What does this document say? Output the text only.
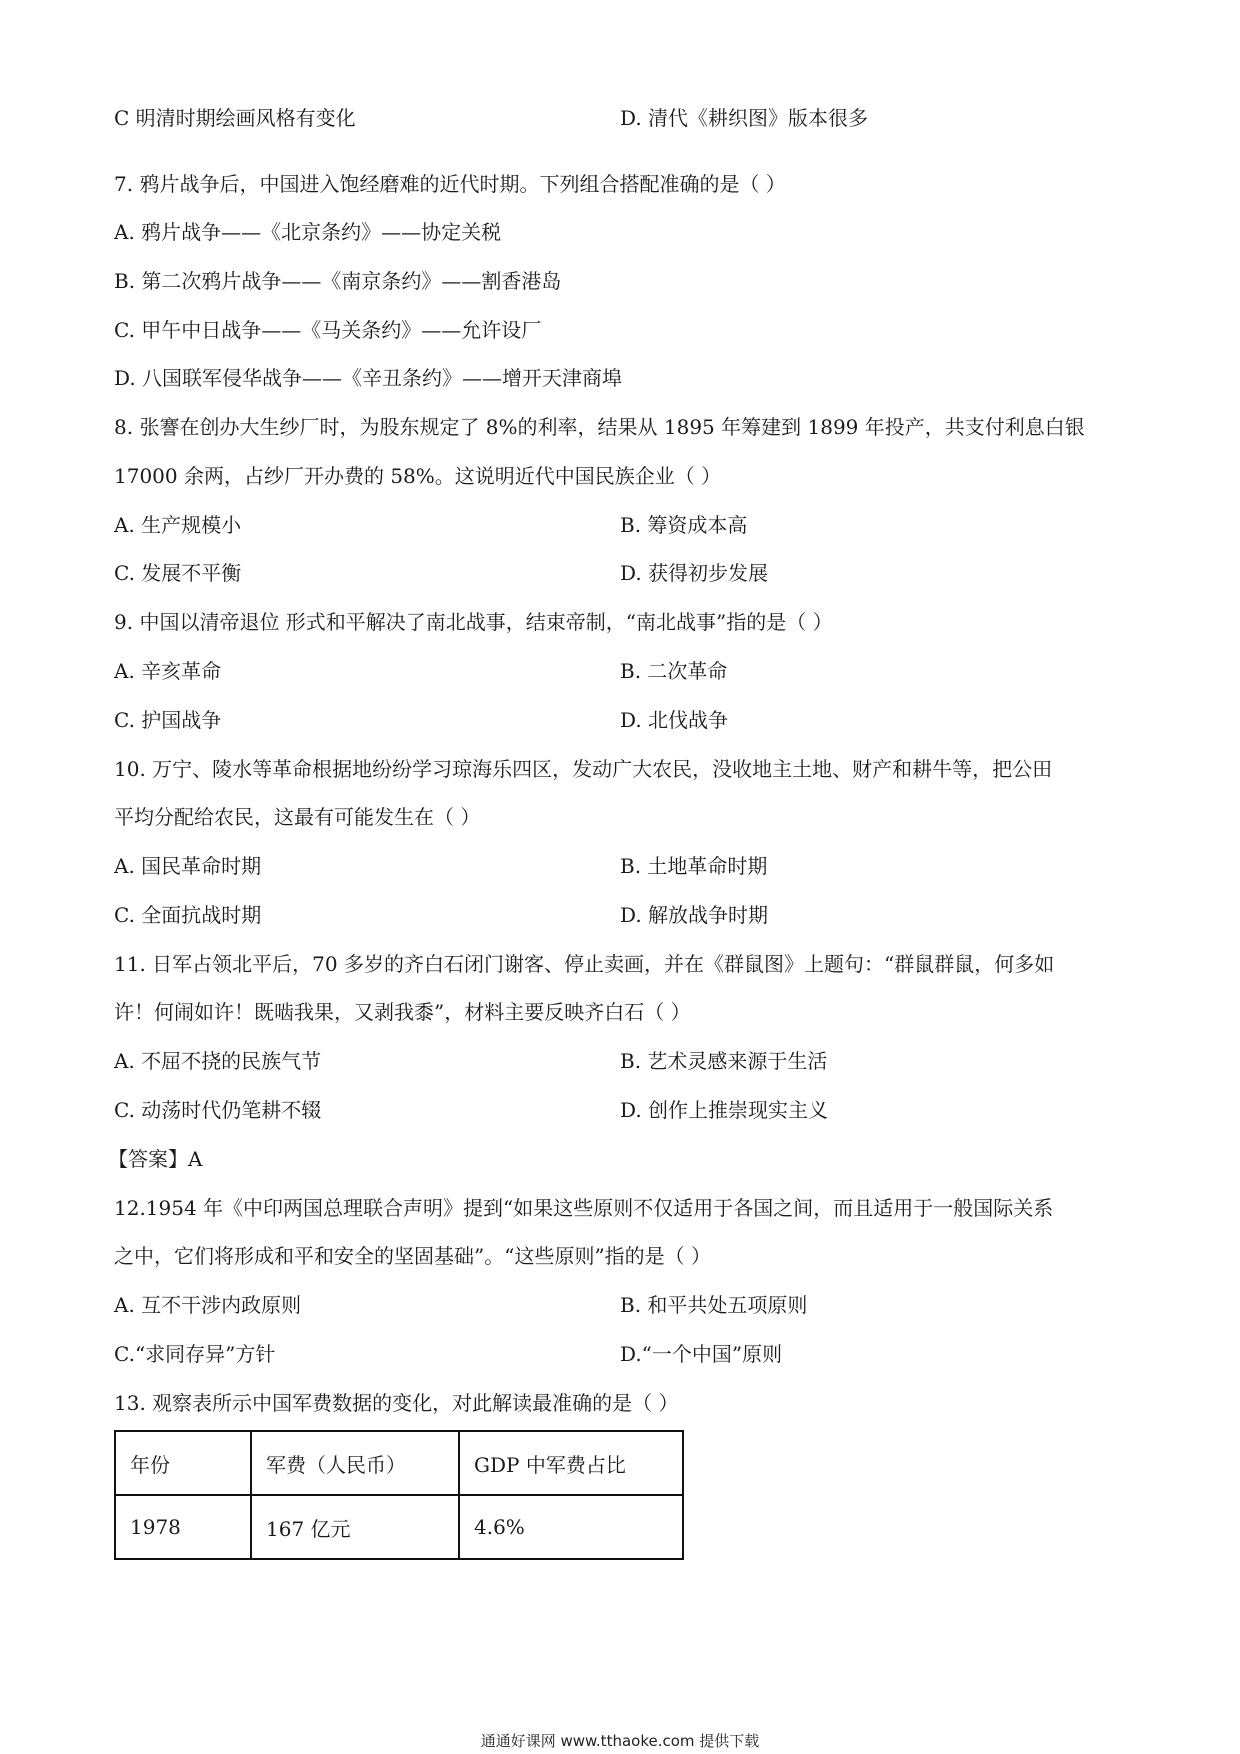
C 明清时期绘画风格有变化	D. 清代《耕织图》版本很多
7. 鸦片战争后，中国进入饱经磨难的近代时期。下列组合搭配准确的是（ ）
A. 鸦片战争——《北京条约》——协定关税
B. 第二次鸦片战争——《南京条约》——割香港岛
C. 甲午中日战争——《马关条约》——允许设厂
D. 八国联军侵华战争——《辛丑条约》——增开天津商埠
8. 张謇在创办大生纱厂时，为股东规定了 8%的利率，结果从 1895 年筹建到 1899 年投产，共支付利息白银
17000 余两，占纱厂开办费的 58%。这说明近代中国民族企业（ ）
A. 生产规模小	B. 筹资成本高
C. 发展不平衡	D. 获得初步发展
9. 中国以清帝退位 形式和平解决了南北战事，结束帝制，“南北战事”指的是（ ）
A. 辛亥革命	B. 二次革命
C. 护国战争	D. 北伐战争
10. 万宁、陵水等革命根据地纷纷学习琼海乐四区，发动广大农民，没收地主土地、财产和耕牛等，把公田
平均分配给农民，这最有可能发生在（ ）
A. 国民革命时期	B. 土地革命时期
C. 全面抗战时期	D. 解放战争时期
11. 日军占领北平后，70 多岁的齐白石闭门谢客、停止卖画，并在《群鼠图》上题句：“群鼠群鼠，何多如
许！何闹如许！既啮我果，又剥我黍”，材料主要反映齐白石（ ）
A. 不屈不挠的民族气节	B. 艺术灵感来源于生活
C. 动荡时代仍笔耕不辍	D. 创作上推崇现实主义
【答案】A
12.1954 年《中印两国总理联合声明》提到“如果这些原则不仅适用于各国之间，而且适用于一般国际关系
之中，它们将形成和平和安全的坚固基础”。“这些原则”指的是（ ）
A. 互不干涉内政原则	B. 和平共处五项原则
C.“求同存异”方针	D.“一个中国”原则
13. 观察表所示中国军费数据的变化，对此解读最准确的是（ ）
年份	军费（人民币）	GDP 中军费占比
1978	167 亿元	4.6%
通通好课网 www.tthaoke.com 提供下载
